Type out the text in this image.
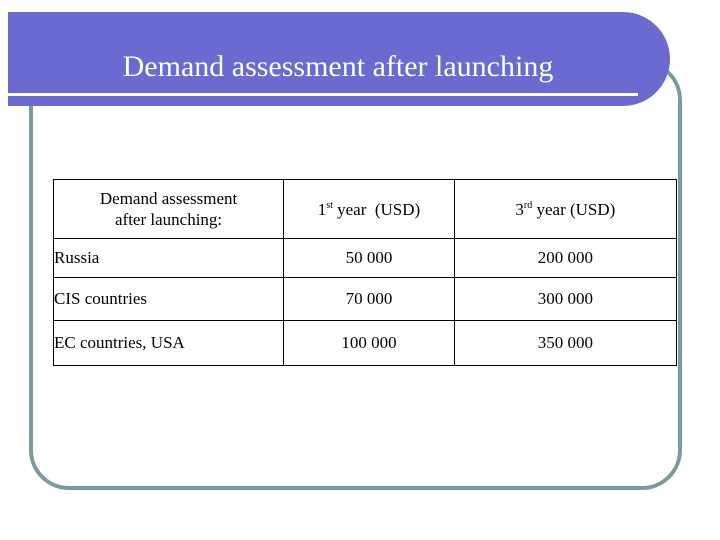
Demand assessment after launching
Demand assessment
after launching:	1st year  (USD)	3rd year (USD)
Russia	50 000	200 000
CIS countries	70 000	300 000
EC countries, USA	100 000	350 000
